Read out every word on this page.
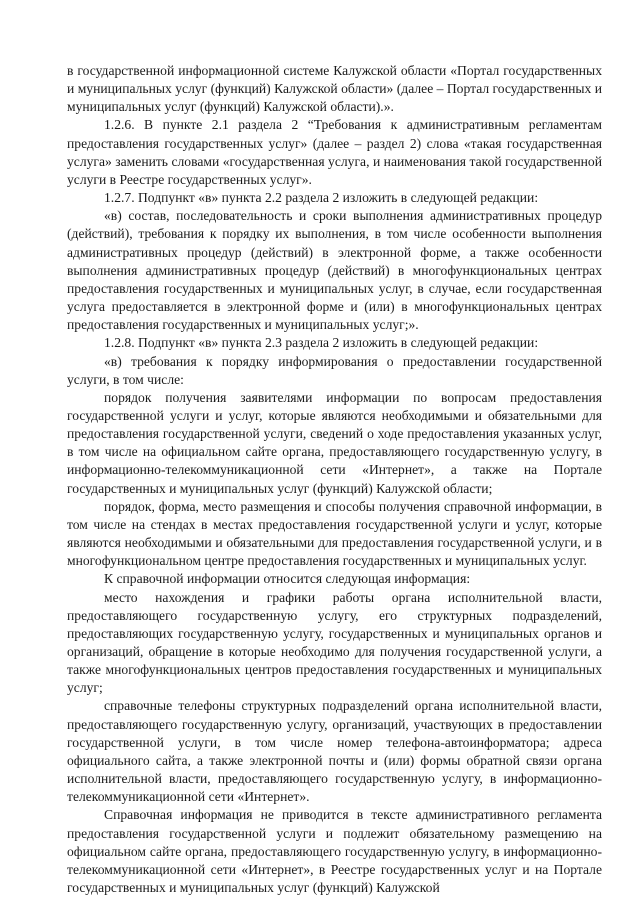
в государственной информационной системе Калужской области «Портал государственных и муниципальных услуг (функций) Калужской области» (далее – Портал государственных и муниципальных услуг (функций) Калужской области).».

1.2.6. В пункте 2.1 раздела 2 “Требования к административным регламентам предоставления государственных услуг» (далее – раздел 2) слова «такая государственная услуга» заменить словами «государственная услуга, и наименования такой государственной услуги в Реестре государственных услуг».

1.2.7. Подпункт «в» пункта 2.2 раздела 2 изложить в следующей редакции:

«в) состав, последовательность и сроки выполнения административных процедур (действий), требования к порядку их выполнения, в том числе особенности выполнения административных процедур (действий) в электронной форме, а также особенности выполнения административных процедур (действий) в многофункциональных центрах предоставления государственных и муниципальных услуг, в случае, если государственная услуга предоставляется в электронной форме и (или) в многофункциональных центрах предоставления государственных и муниципальных услуг;».

1.2.8. Подпункт «в» пункта 2.3 раздела 2 изложить в следующей редакции:

«в) требования к порядку информирования о предоставлении государственной услуги, в том числе:

порядок получения заявителями информации по вопросам предоставления государственной услуги и услуг, которые являются необходимыми и обязательными для предоставления государственной услуги, сведений о ходе предоставления указанных услуг, в том числе на официальном сайте органа, предоставляющего государственную услугу, в информационно-телекоммуникационной сети «Интернет», а также на Портале государственных и муниципальных услуг (функций) Калужской области;

порядок, форма, место размещения и способы получения справочной информации, в том числе на стендах в местах предоставления государственной услуги и услуг, которые являются необходимыми и обязательными для предоставления государственной услуги, и в многофункциональном центре предоставления государственных и муниципальных услуг.

К справочной информации относится следующая информация:

место нахождения и графики работы органа исполнительной власти, предоставляющего государственную услугу, его структурных подразделений, предоставляющих государственную услугу, государственных и муниципальных органов и организаций, обращение в которые необходимо для получения государственной услуги, а также многофункциональных центров предоставления государственных и муниципальных услуг;

справочные телефоны структурных подразделений органа исполнительной власти, предоставляющего государственную услугу, организаций, участвующих в предоставлении государственной услуги, в том числе номер телефона-автоинформатора; адреса официального сайта, а также электронной почты и (или) формы обратной связи органа исполнительной власти, предоставляющего государственную услугу, в информационно-телекоммуникационной сети «Интернет».

Справочная информация не приводится в тексте административного регламента предоставления государственной услуги и подлежит обязательному размещению на официальном сайте органа, предоставляющего государственную услугу, в информационно-телекоммуникационной сети «Интернет», в Реестре государственных услуг и на Портале государственных и муниципальных услуг (функций) Калужской
